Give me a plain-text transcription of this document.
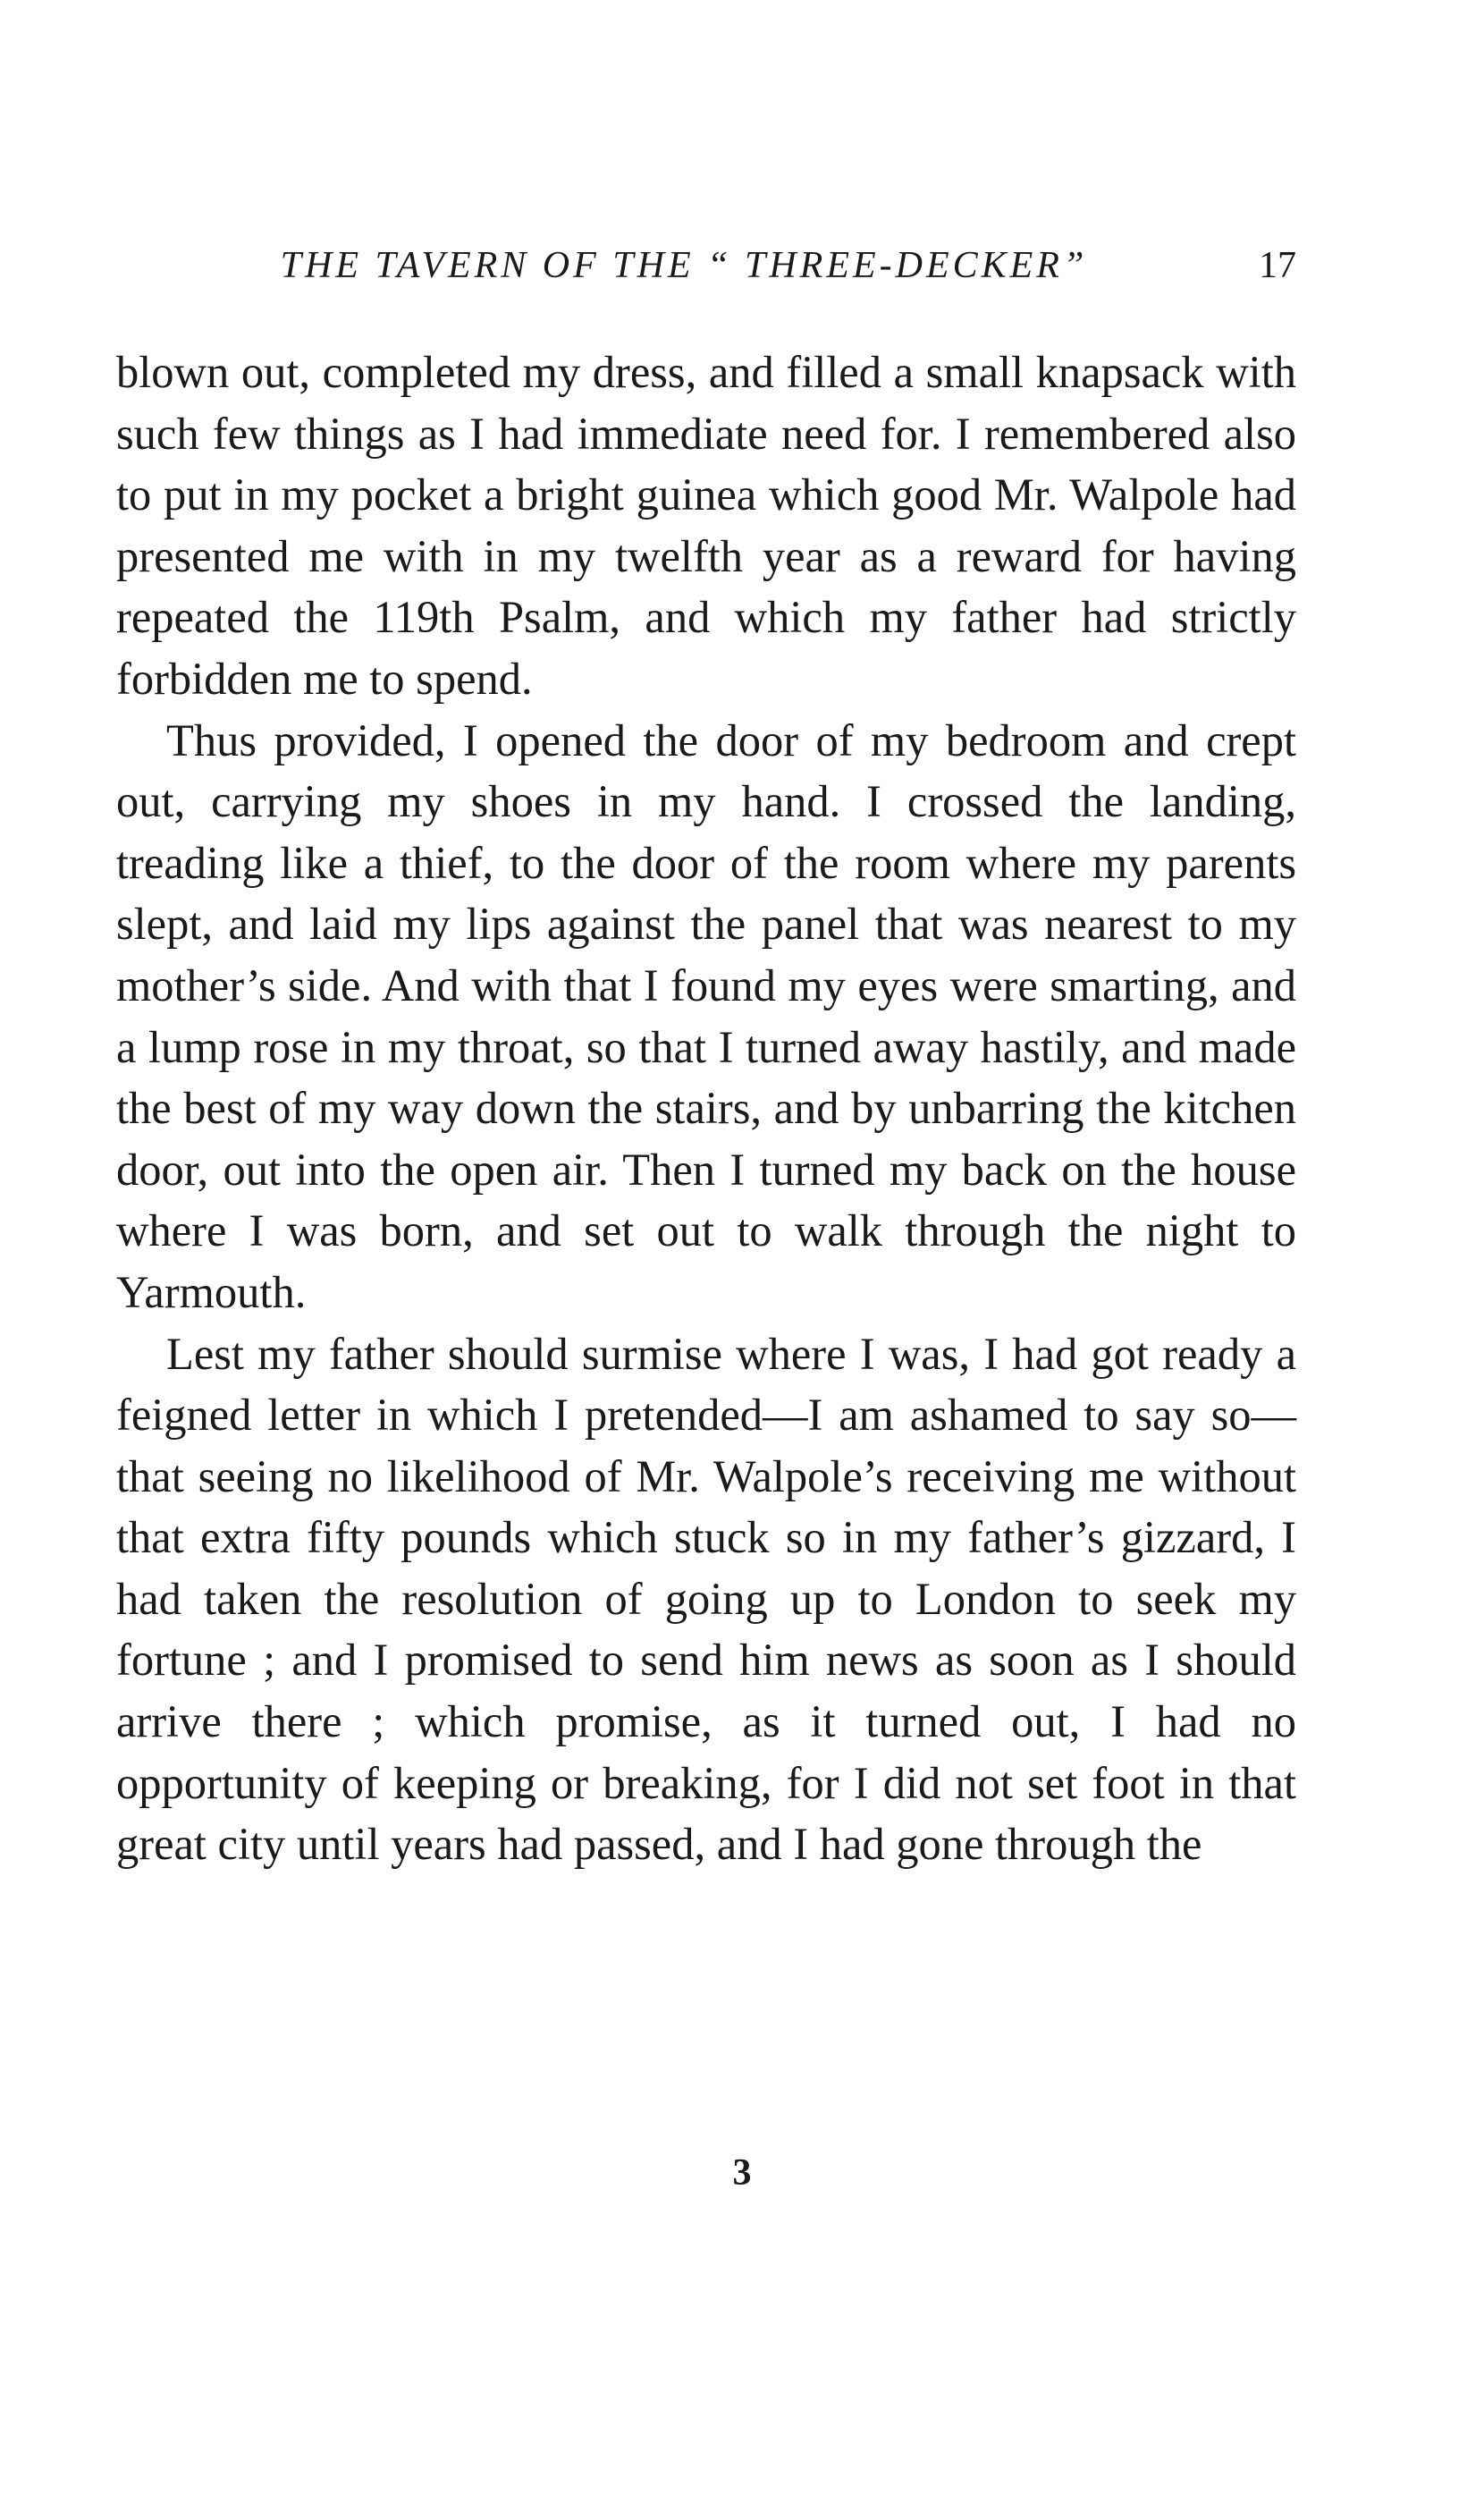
THE TAVERN OF THE “ THREE-DECKER”	17

blown out, completed my dress, and filled a small knapsack with such few things as I had immediate need for. I remembered also to put in my pocket a bright guinea which good Mr. Walpole had presented me with in my twelfth year as a reward for having repeated the 119th Psalm, and which my father had strictly forbidden me to spend.

Thus provided, I opened the door of my bedroom and crept out, carrying my shoes in my hand. I crossed the landing, treading like a thief, to the door of the room where my parents slept, and laid my lips against the panel that was nearest to my mother’s side. And with that I found my eyes were smarting, and a lump rose in my throat, so that I turned away hastily, and made the best of my way down the stairs, and by unbarring the kitchen door, out into the open air. Then I turned my back on the house where I was born, and set out to walk through the night to Yarmouth.

Lest my father should surmise where I was, I had got ready a feigned letter in which I pretended—I am ashamed to say so—that seeing no likelihood of Mr. Walpole’s receiving me without that extra fifty pounds which stuck so in my father’s gizzard, I had taken the resolution of going up to London to seek my fortune ; and I promised to send him news as soon as I should arrive there ; which promise, as it turned out, I had no opportunity of keeping or breaking, for I did not set foot in that great city until years had passed, and I had gone through the

3
